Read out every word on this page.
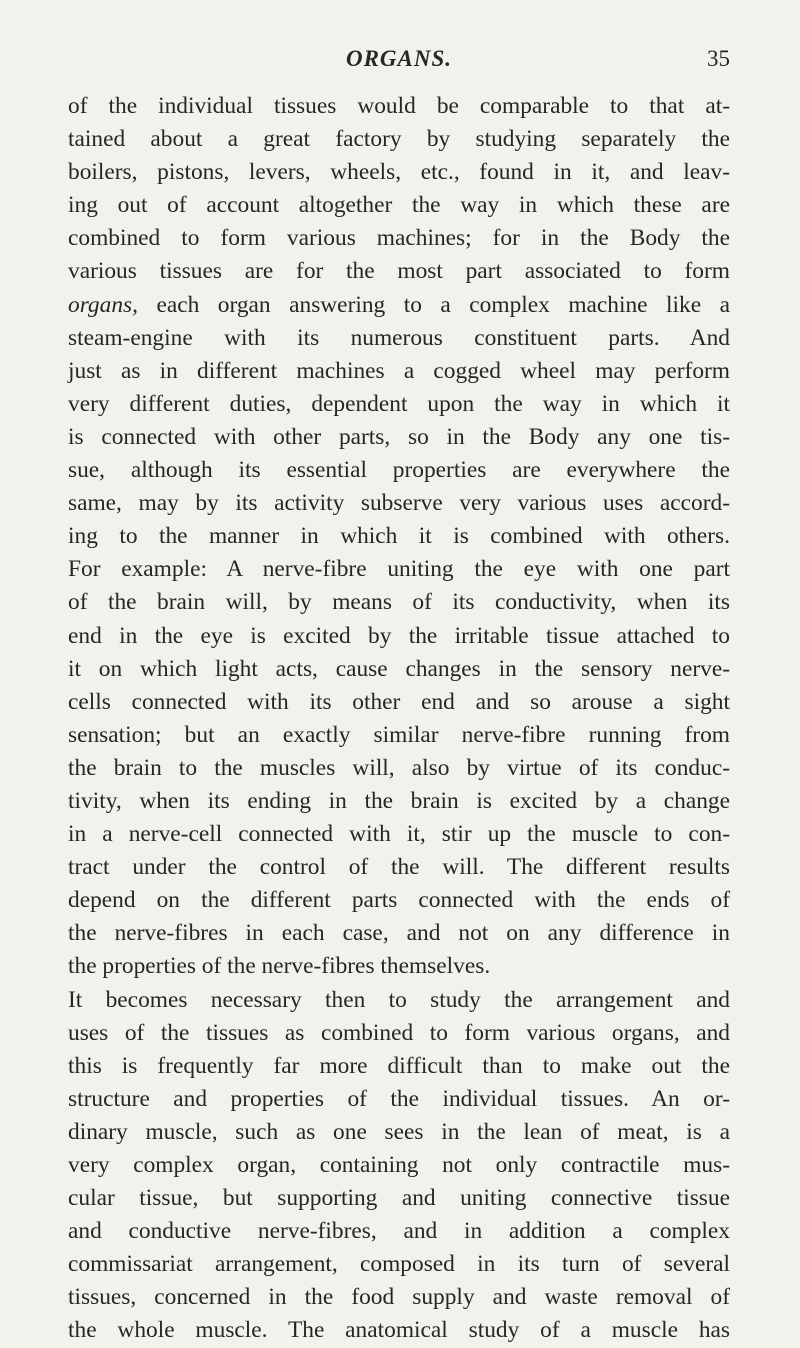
ORGANS.	35
of the individual tissues would be comparable to that at-
tained about a great factory by studying separately the
boilers, pistons, levers, wheels, etc., found in it, and leav-
ing out of account altogether the way in which these are
combined to form various machines; for in the Body the
various tissues are for the most part associated to form
organs, each organ answering to a complex machine like a
steam-engine with its numerous constituent parts. And
just as in different machines a cogged wheel may perform
very different duties, dependent upon the way in which it
is connected with other parts, so in the Body any one tis-
sue, although its essential properties are everywhere the
same, may by its activity subserve very various uses accord-
ing to the manner in which it is combined with others.
For example: A nerve-fibre uniting the eye with one part
of the brain will, by means of its conductivity, when its
end in the eye is excited by the irritable tissue attached to
it on which light acts, cause changes in the sensory nerve-
cells connected with its other end and so arouse a sight
sensation; but an exactly similar nerve-fibre running from
the brain to the muscles will, also by virtue of its conduc-
tivity, when its ending in the brain is excited by a change
in a nerve-cell connected with it, stir up the muscle to con-
tract under the control of the will. The different results
depend on the different parts connected with the ends of
the nerve-fibres in each case, and not on any difference in
the properties of the nerve-fibres themselves.
It becomes necessary then to study the arrangement and
uses of the tissues as combined to form various organs, and
this is frequently far more difficult than to make out the
structure and properties of the individual tissues. An or-
dinary muscle, such as one sees in the lean of meat, is a
very complex organ, containing not only contractile mus-
cular tissue, but supporting and uniting connective tissue
and conductive nerve-fibres, and in addition a complex
commissariat arrangement, composed in its turn of several
tissues, concerned in the food supply and waste removal of
the whole muscle. The anatomical study of a muscle has
